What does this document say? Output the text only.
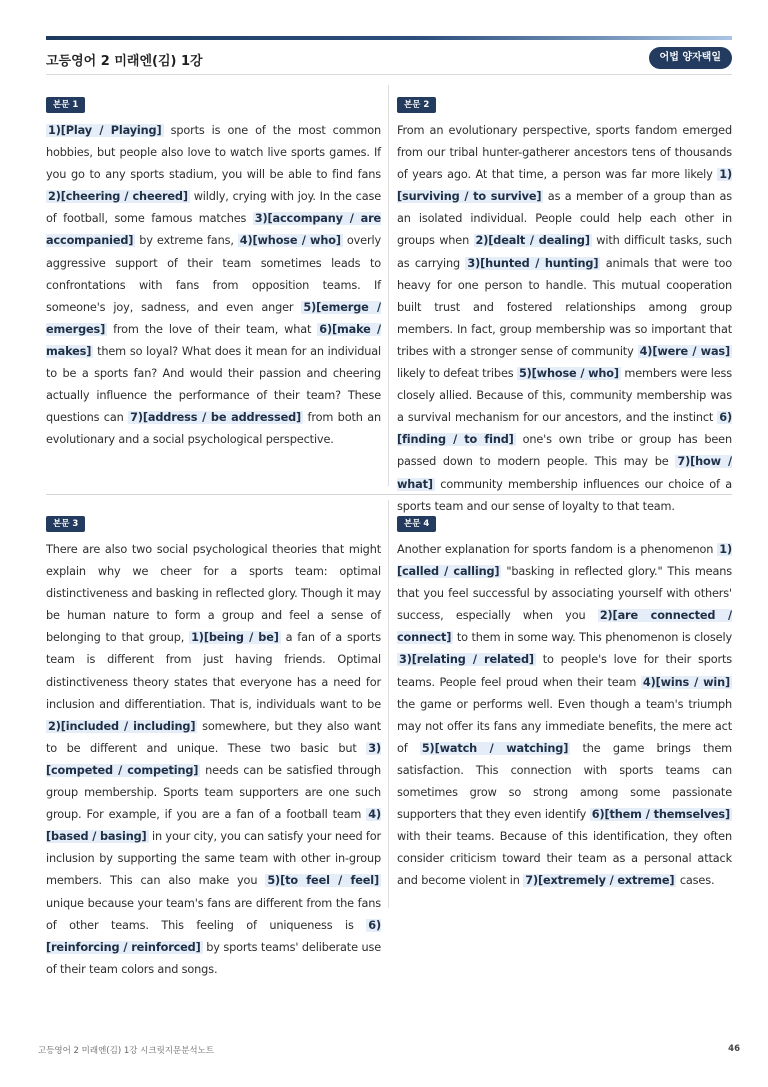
고등영어 2 미래엔(김) 1강	어법 양자택일
본문 1

1)[Play / Playing] sports is one of the most common hobbies, but people also love to watch live sports games. If you go to any sports stadium, you will be able to find fans 2)[cheering / cheered] wildly, crying with joy. In the case of football, some famous matches 3)[accompany / are accompanied] by extreme fans, 4)[whose / who] overly aggressive support of their team sometimes leads to confrontations with fans from opposition teams. If someone's joy, sadness, and even anger 5)[emerge / emerges] from the love of their team, what 6)[make / makes] them so loyal? What does it mean for an individual to be a sports fan? And would their passion and cheering actually influence the performance of their team? These questions can 7)[address / be addressed] from both an evolutionary and a social psychological perspective.

본문 2

From an evolutionary perspective, sports fandom emerged from our tribal hunter-gatherer ancestors tens of thousands of years ago. At that time, a person was far more likely 1)[surviving / to survive] as a member of a group than as an isolated individual. People could help each other in groups when 2)[dealt / dealing] with difficult tasks, such as carrying 3)[hunted / hunting] animals that were too heavy for one person to handle. This mutual cooperation built trust and fostered relationships among group members. In fact, group membership was so important that tribes with a stronger sense of community 4)[were / was] likely to defeat tribes 5)[whose / who] members were less closely allied. Because of this, community membership was a survival mechanism for our ancestors, and the instinct 6)[finding / to find] one's own tribe or group has been passed down to modern people. This may be 7)[how / what] community membership influences our choice of a sports team and our sense of loyalty to that team.

본문 3

There are also two social psychological theories that might explain why we cheer for a sports team: optimal distinctiveness and basking in reflected glory. Though it may be human nature to form a group and feel a sense of belonging to that group, 1)[being / be] a fan of a sports team is different from just having friends. Optimal distinctiveness theory states that everyone has a need for inclusion and differentiation. That is, individuals want to be 2)[included / including] somewhere, but they also want to be different and unique. These two basic but 3)[competed / competing] needs can be satisfied through group membership. Sports team supporters are one such group. For example, if you are a fan of a football team 4)[based / basing] in your city, you can satisfy your need for inclusion by supporting the same team with other in-group members. This can also make you 5)[to feel / feel] unique because your team's fans are different from the fans of other teams. This feeling of uniqueness is 6)[reinforcing / reinforced] by sports teams' deliberate use of their team colors and songs.

본문 4

Another explanation for sports fandom is a phenomenon 1)[called / calling] "basking in reflected glory." This means that you feel successful by associating yourself with others' success, especially when you 2)[are connected / connect] to them in some way. This phenomenon is closely 3)[relating / related] to people's love for their sports teams. People feel proud when their team 4)[wins / win] the game or performs well. Even though a team's triumph may not offer its fans any immediate benefits, the mere act of 5)[watch / watching] the game brings them satisfaction. This connection with sports teams can sometimes grow so strong among some passionate supporters that they even identify 6)[them / themselves] with their teams. Because of this identification, they often consider criticism toward their team as a personal attack and become violent in 7)[extremely / extreme] cases.

고등영어 2 미래엔(김) 1강 시크릿지문분석노트	46
